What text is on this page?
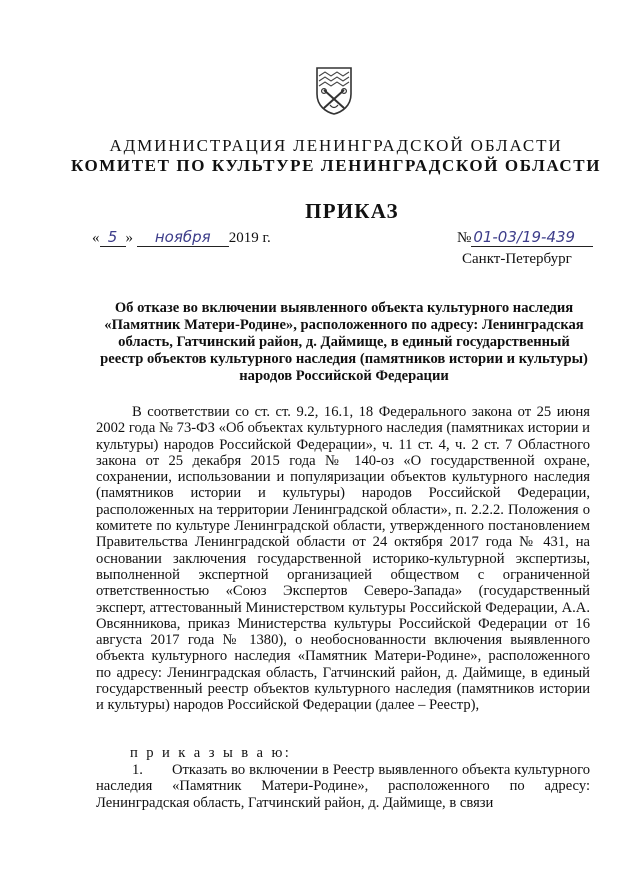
АДМИНИСТРАЦИЯ ЛЕНИНГРАДСКОЙ ОБЛАСТИ
КОМИТЕТ ПО КУЛЬТУРЕ ЛЕНИНГРАДСКОЙ ОБЛАСТИ
ПРИКАЗ
« 5 » ноября 2019 г.	№ 01-03/19-439
Санкт-Петербург
Об отказе во включении выявленного объекта культурного наследия «Памятник Матери-Родине», расположенного по адресу: Ленинградская область, Гатчинский район, д. Даймище, в единый государственный реестр объектов культурного наследия (памятников истории и культуры) народов Российской Федерации
В соответствии со ст. ст. 9.2, 16.1, 18 Федерального закона от 25 июня 2002 года № 73-ФЗ «Об объектах культурного наследия (памятниках истории и культуры) народов Российской Федерации», ч. 11 ст. 4, ч. 2 ст. 7 Областного закона от 25 декабря 2015 года № 140-оз «О государственной охране, сохранении, использовании и популяризации объектов культурного наследия (памятников истории и культуры) народов Российской Федерации, расположенных на территории Ленинградской области», п. 2.2.2. Положения о комитете по культуре Ленинградской области, утвержденного постановлением Правительства Ленинградской области от 24 октября 2017 года № 431, на основании заключения государственной историко-культурной экспертизы, выполненной экспертной организацией обществом с ограниченной ответственностью «Союз Экспертов Северо-Запада» (государственный эксперт, аттестованный Министерством культуры Российской Федерации, А.А. Овсянникова, приказ Министерства культуры Российской Федерации от 16 августа 2017 года № 1380), о необоснованности включения выявленного объекта культурного наследия «Памятник Матери-Родине», расположенного по адресу: Ленинградская область, Гатчинский район, д. Даймище, в единый государственный реестр объектов культурного наследия (памятников истории и культуры) народов Российской Федерации (далее – Реестр),
п р и к а з ы в а ю:
1. Отказать во включении в Реестр выявленного объекта культурного наследия «Памятник Матери-Родине», расположенного по адресу: Ленинградская область, Гатчинский район, д. Даймище, в связи
